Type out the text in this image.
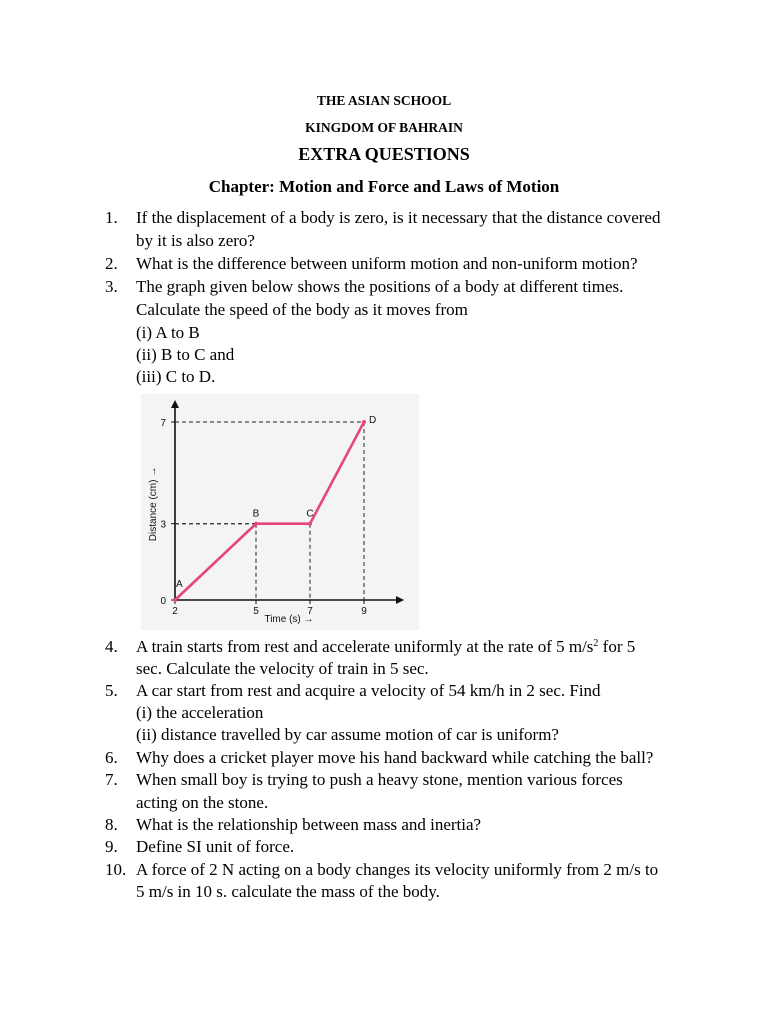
THE ASIAN SCHOOL
KINGDOM OF BAHRAIN
EXTRA QUESTIONS
Chapter: Motion and Force and Laws of Motion
1.	If the displacement of a body is zero, is it necessary that the distance covered
by it is also zero?
2.	What is the difference between uniform motion and non-uniform motion?
3.	The graph given below shows the positions of a body at different times.
Calculate the speed of the body as it moves from
(i) A to B
(ii) B to C and
(iii) C to D.
0
3
7
2	5	7	9
A
B	C
D
Time (s) →
Distance (cm) →
4.	A train starts from rest and accelerate uniformly at the rate of 5 $m/s^2$ for 5
sec. Calculate the velocity of train in 5 sec.
5.	A car start from rest and acquire a velocity of 54 km/h in 2 sec. Find
(i) the acceleration
(ii) distance travelled by car assume motion of car is uniform?
6.	Why does a cricket player move his hand backward while catching the ball?
7.	When small boy is trying to push a heavy stone, mention various forces
acting on the stone.
8.	What is the relationship between mass and inertia?
9.	Define SI unit of force.
10. A force of 2 N acting on a body changes its velocity uniformly from 2 m/s to
5 m/s in 10 s. calculate the mass of the body.
